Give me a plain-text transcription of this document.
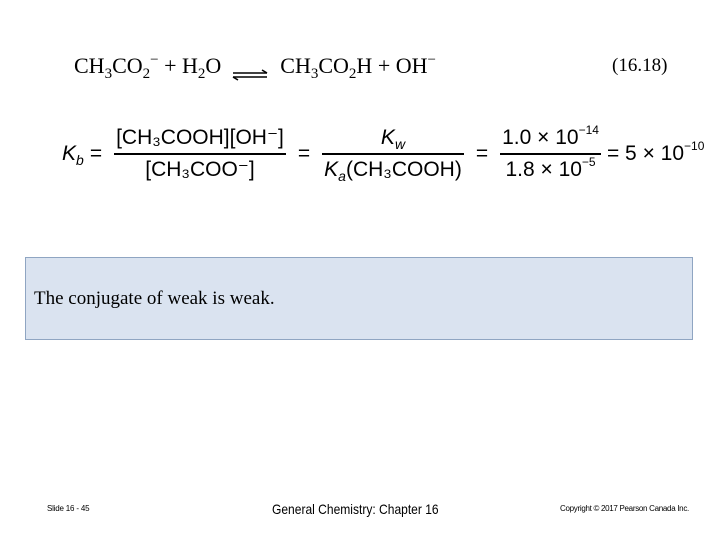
$CH_3CO_2^- + H_2O$ ⇌ $CH_3CO_2H + OH^-$	(16.18)
$K_b = \frac{\text{[CH₃COOH][OH⁻]}}{\text{[CH₃COO⁻]}} = \frac{K_w}{K_a(CH_3COOH)} = \frac{1.0 \times 10^{-14}}{1.8 \times 10^{-5}} = 5 \times 10^{-10}$
The conjugate of weak is weak.
Slide 16 - 45	General Chemistry: Chapter 16	Copyright © 2017 Pearson Canada Inc.
